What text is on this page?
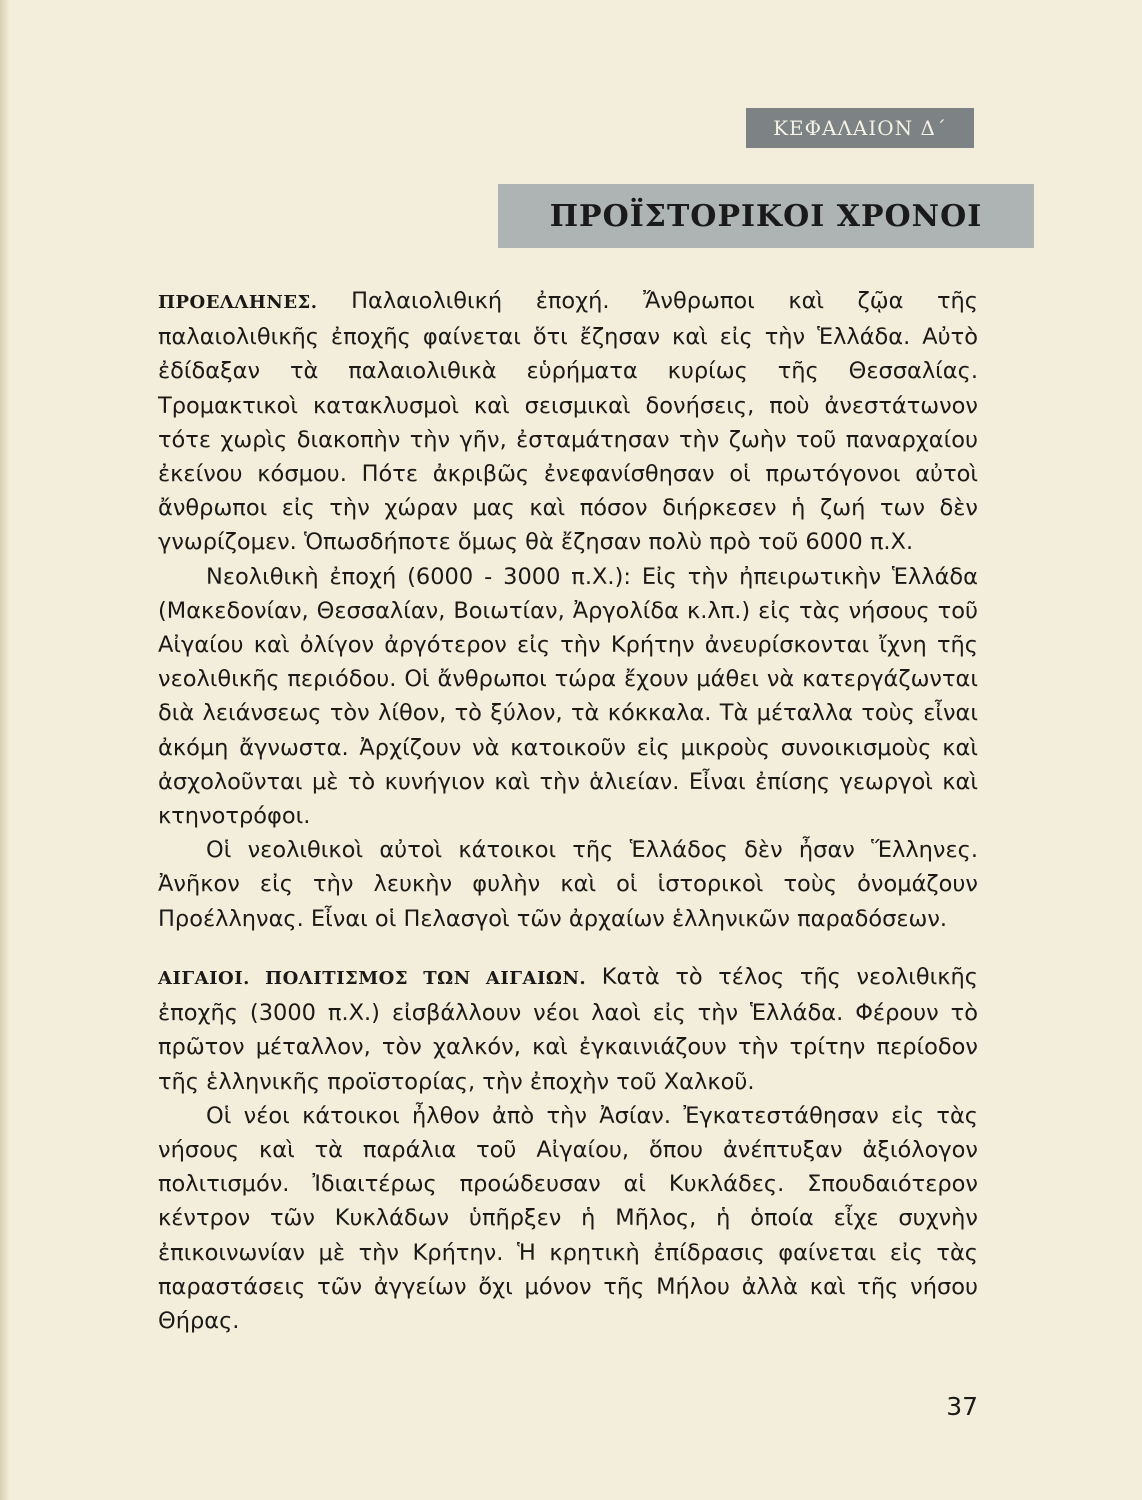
ΚΕΦΑΛΑΙΟΝ Δ΄
ΠΡΟΪΣΤΟΡΙΚΟΙ ΧΡΟΝΟΙ

ΠΡΟΕΛΛΗΝΕΣ. Παλαιολιθική ἐποχή. Ἄνθρωποι καὶ ζῷα τῆς παλαιολιθικῆς ἐποχῆς φαίνεται ὅτι ἔζησαν καὶ εἰς τὴν Ἑλλάδα. Αὐτὸ ἐδίδαξαν τὰ παλαιολιθικὰ εὑρήματα κυρίως τῆς Θεσσαλίας. Τρομακτικοὶ κατακλυσμοὶ καὶ σεισμικαὶ δονήσεις, ποὺ ἀνεστάτωνον τότε χωρὶς διακοπὴν τὴν γῆν, ἐσταμάτησαν τὴν ζωὴν τοῦ παναρχαίου ἐκείνου κόσμου. Πότε ἀκριβῶς ἐνεφανίσθησαν οἱ πρωτόγονοι αὐτοὶ ἄνθρωποι εἰς τὴν χώραν μας καὶ πόσον διήρκεσεν ἡ ζωή των δὲν γνωρίζομεν. Ὁπωσδήποτε ὅμως θὰ ἔζησαν πολὺ πρὸ τοῦ 6000 π.Χ.

Νεολιθικὴ ἐποχή (6000 - 3000 π.Χ.): Εἰς τὴν ἠπειρωτικὴν Ἑλλάδα (Μακεδονίαν, Θεσσαλίαν, Βοιωτίαν, Ἀργολίδα κ.λπ.) εἰς τὰς νήσους τοῦ Αἰγαίου καὶ ὀλίγον ἀργότερον εἰς τὴν Κρήτην ἀνευρίσκονται ἴχνη τῆς νεολιθικῆς περιόδου. Οἱ ἄνθρωποι τώρα ἔχουν μάθει νὰ κατεργάζωνται διὰ λειάνσεως τὸν λίθον, τὸ ξύλον, τὰ κόκκαλα. Τὰ μέταλλα τοὺς εἶναι ἀκόμη ἄγνωστα. Ἀρχίζουν νὰ κατοικοῦν εἰς μικροὺς συνοικισμοὺς καὶ ἀσχολοῦνται μὲ τὸ κυνήγιον καὶ τὴν ἁλιείαν. Εἶναι ἐπίσης γεωργοὶ καὶ κτηνοτρόφοι.

Οἱ νεολιθικοὶ αὐτοὶ κάτοικοι τῆς Ἑλλάδος δὲν ἦσαν Ἕλληνες. Ἀνῆκον εἰς τὴν λευκὴν φυλὴν καὶ οἱ ἱστορικοὶ τοὺς ὀνομάζουν Προέλληνας. Εἶναι οἱ Πελασγοὶ τῶν ἀρχαίων ἑλληνικῶν παραδόσεων.

ΑΙΓΑΙΟΙ. ΠΟΛΙΤΙΣΜΟΣ ΤΩΝ ΑΙΓΑΙΩΝ. Κατὰ τὸ τέλος τῆς νεολιθικῆς ἐποχῆς (3000 π.Χ.) εἰσβάλλουν νέοι λαοὶ εἰς τὴν Ἑλλάδα. Φέρουν τὸ πρῶτον μέταλλον, τὸν χαλκόν, καὶ ἐγκαινιάζουν τὴν τρίτην περίοδον τῆς ἑλληνικῆς προϊστορίας, τὴν ἐποχὴν τοῦ Χαλκοῦ.

Οἱ νέοι κάτοικοι ἦλθον ἀπὸ τὴν Ἀσίαν. Ἐγκατεστάθησαν εἰς τὰς νήσους καὶ τὰ παράλια τοῦ Αἰγαίου, ὅπου ἀνέπτυξαν ἀξιόλογον πολιτισμόν. Ἰδιαιτέρως προώδευσαν αἱ Κυκλάδες. Σπουδαιότερον κέντρον τῶν Κυκλάδων ὑπῆρξεν ἡ Μῆλος, ἡ ὁποία εἶχε συχνὴν ἐπικοινωνίαν μὲ τὴν Κρήτην. Ἡ κρητικὴ ἐπίδρασις φαίνεται εἰς τὰς παραστάσεις τῶν ἀγγείων ὄχι μόνον τῆς Μήλου ἀλλὰ καὶ τῆς νήσου Θήρας.

37
